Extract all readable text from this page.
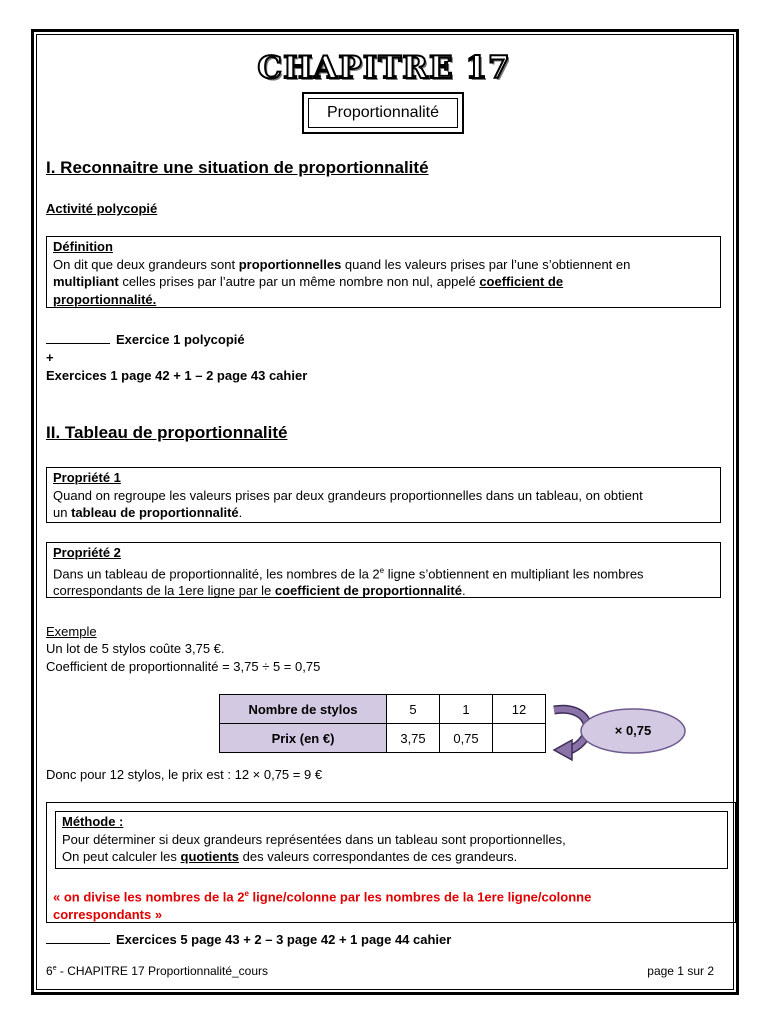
CHAPITRE 17
Proportionnalité
I. Reconnaitre une situation de proportionnalité
Activité polycopié
Définition
On dit que deux grandeurs sont proportionnelles quand les valeurs prises par l’une s’obtiennent en
multipliant celles prises par l’autre par un même nombre non nul, appelé coefficient de
proportionnalité.
Exercice 1 polycopié
+
Exercices 1 page 42 + 1 – 2 page 43 cahier
II. Tableau de proportionnalité
Propriété 1
Quand on regroupe les valeurs prises par deux grandeurs proportionnelles dans un tableau, on obtient
un tableau de proportionnalité.
Propriété 2
Dans un tableau de proportionnalité, les nombres de la 2e ligne s’obtiennent en multipliant les nombres
correspondants de la 1ere ligne par le coefficient de proportionnalité.
Exemple
Un lot de 5 stylos coûte 3,75 €.
Coefficient de proportionnalité = 3,75 ÷ 5 = 0,75
Nombre de stylos	5	1	12
Prix (en €)	3,75	0,75		× 0,75
Donc pour 12 stylos, le prix est : 12 × 0,75 = 9 €
Méthode :
Pour déterminer si deux grandeurs représentées dans un tableau sont proportionnelles,
On peut calculer les quotients des valeurs correspondantes de ces grandeurs.
« on divise les nombres de la 2e ligne/colonne par les nombres de la 1ere ligne/colonne
correspondants »
Exercices 5 page 43 + 2 – 3 page 42 + 1 page 44 cahier
6e - CHAPITRE 17 Proportionnalité_cours	page 1 sur 2
